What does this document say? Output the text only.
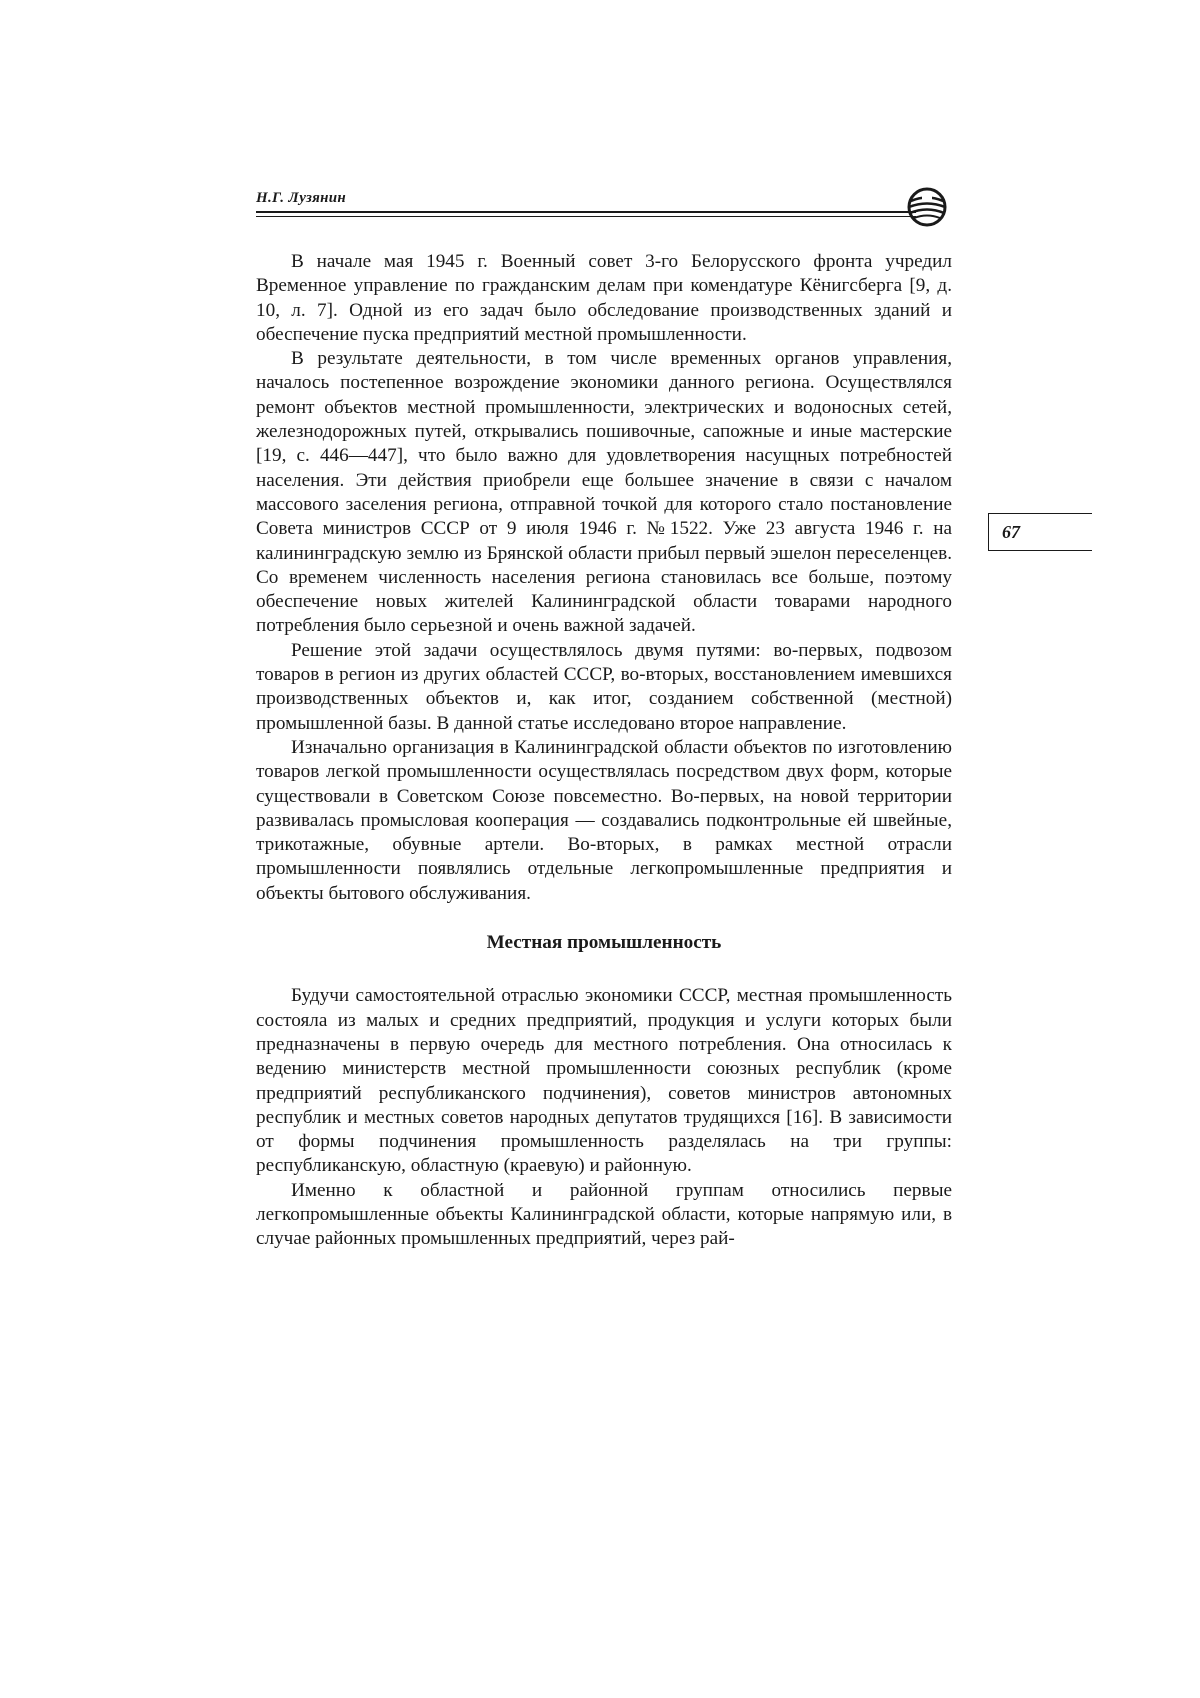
Н.Г. Лузянин
67

В начале мая 1945 г. Военный совет 3-го Белорусского фронта учредил Временное управление по гражданским делам при комендатуре Кёнигсберга [9, д. 10, л. 7]. Одной из его задач было обследование производственных зданий и обеспечение пуска предприятий местной промышленности.

В результате деятельности, в том числе временных органов управления, началось постепенное возрождение экономики данного региона. Осуществлялся ремонт объектов местной промышленности, электрических и водоносных сетей, железнодорожных путей, открывались пошивочные, сапожные и иные мастерские [19, с. 446—447], что было важно для удовлетворения насущных потребностей населения. Эти действия приобрели еще большее значение в связи с началом массового заселения региона, отправной точкой для которого стало постановление Совета министров СССР от 9 июля 1946 г. №1522. Уже 23 августа 1946 г. на калининградскую землю из Брянской области прибыл первый эшелон переселенцев. Со временем численность населения региона становилась все больше, поэтому обеспечение новых жителей Калининградской области товарами народного потребления было серьезной и очень важной задачей.

Решение этой задачи осуществлялось двумя путями: во-первых, подвозом товаров в регион из других областей СССР, во-вторых, восстановлением имевшихся производственных объектов и, как итог, созданием собственной (местной) промышленной базы. В данной статье исследовано второе направление.

Изначально организация в Калининградской области объектов по изготовлению товаров легкой промышленности осуществлялась посредством двух форм, которые существовали в Советском Союзе повсеместно. Во-первых, на новой территории развивалась промысловая кооперация — создавались подконтрольные ей швейные, трикотажные, обувные артели. Во-вторых, в рамках местной отрасли промышленности появлялись отдельные легкопромышленные предприятия и объекты бытового обслуживания.

Местная промышленность

Будучи самостоятельной отраслью экономики СССР, местная промышленность состояла из малых и средних предприятий, продукция и услуги которых были предназначены в первую очередь для местного потребления. Она относилась к ведению министерств местной промышленности союзных республик (кроме предприятий республиканского подчинения), советов министров автономных республик и местных советов народных депутатов трудящихся [16]. В зависимости от формы подчинения промышленность разделялась на три группы: республиканскую, областную (краевую) и районную.

Именно к областной и районной группам относились первые легкопромышленные объекты Калининградской области, которые напрямую или, в случае районных промышленных предприятий, через рай-
